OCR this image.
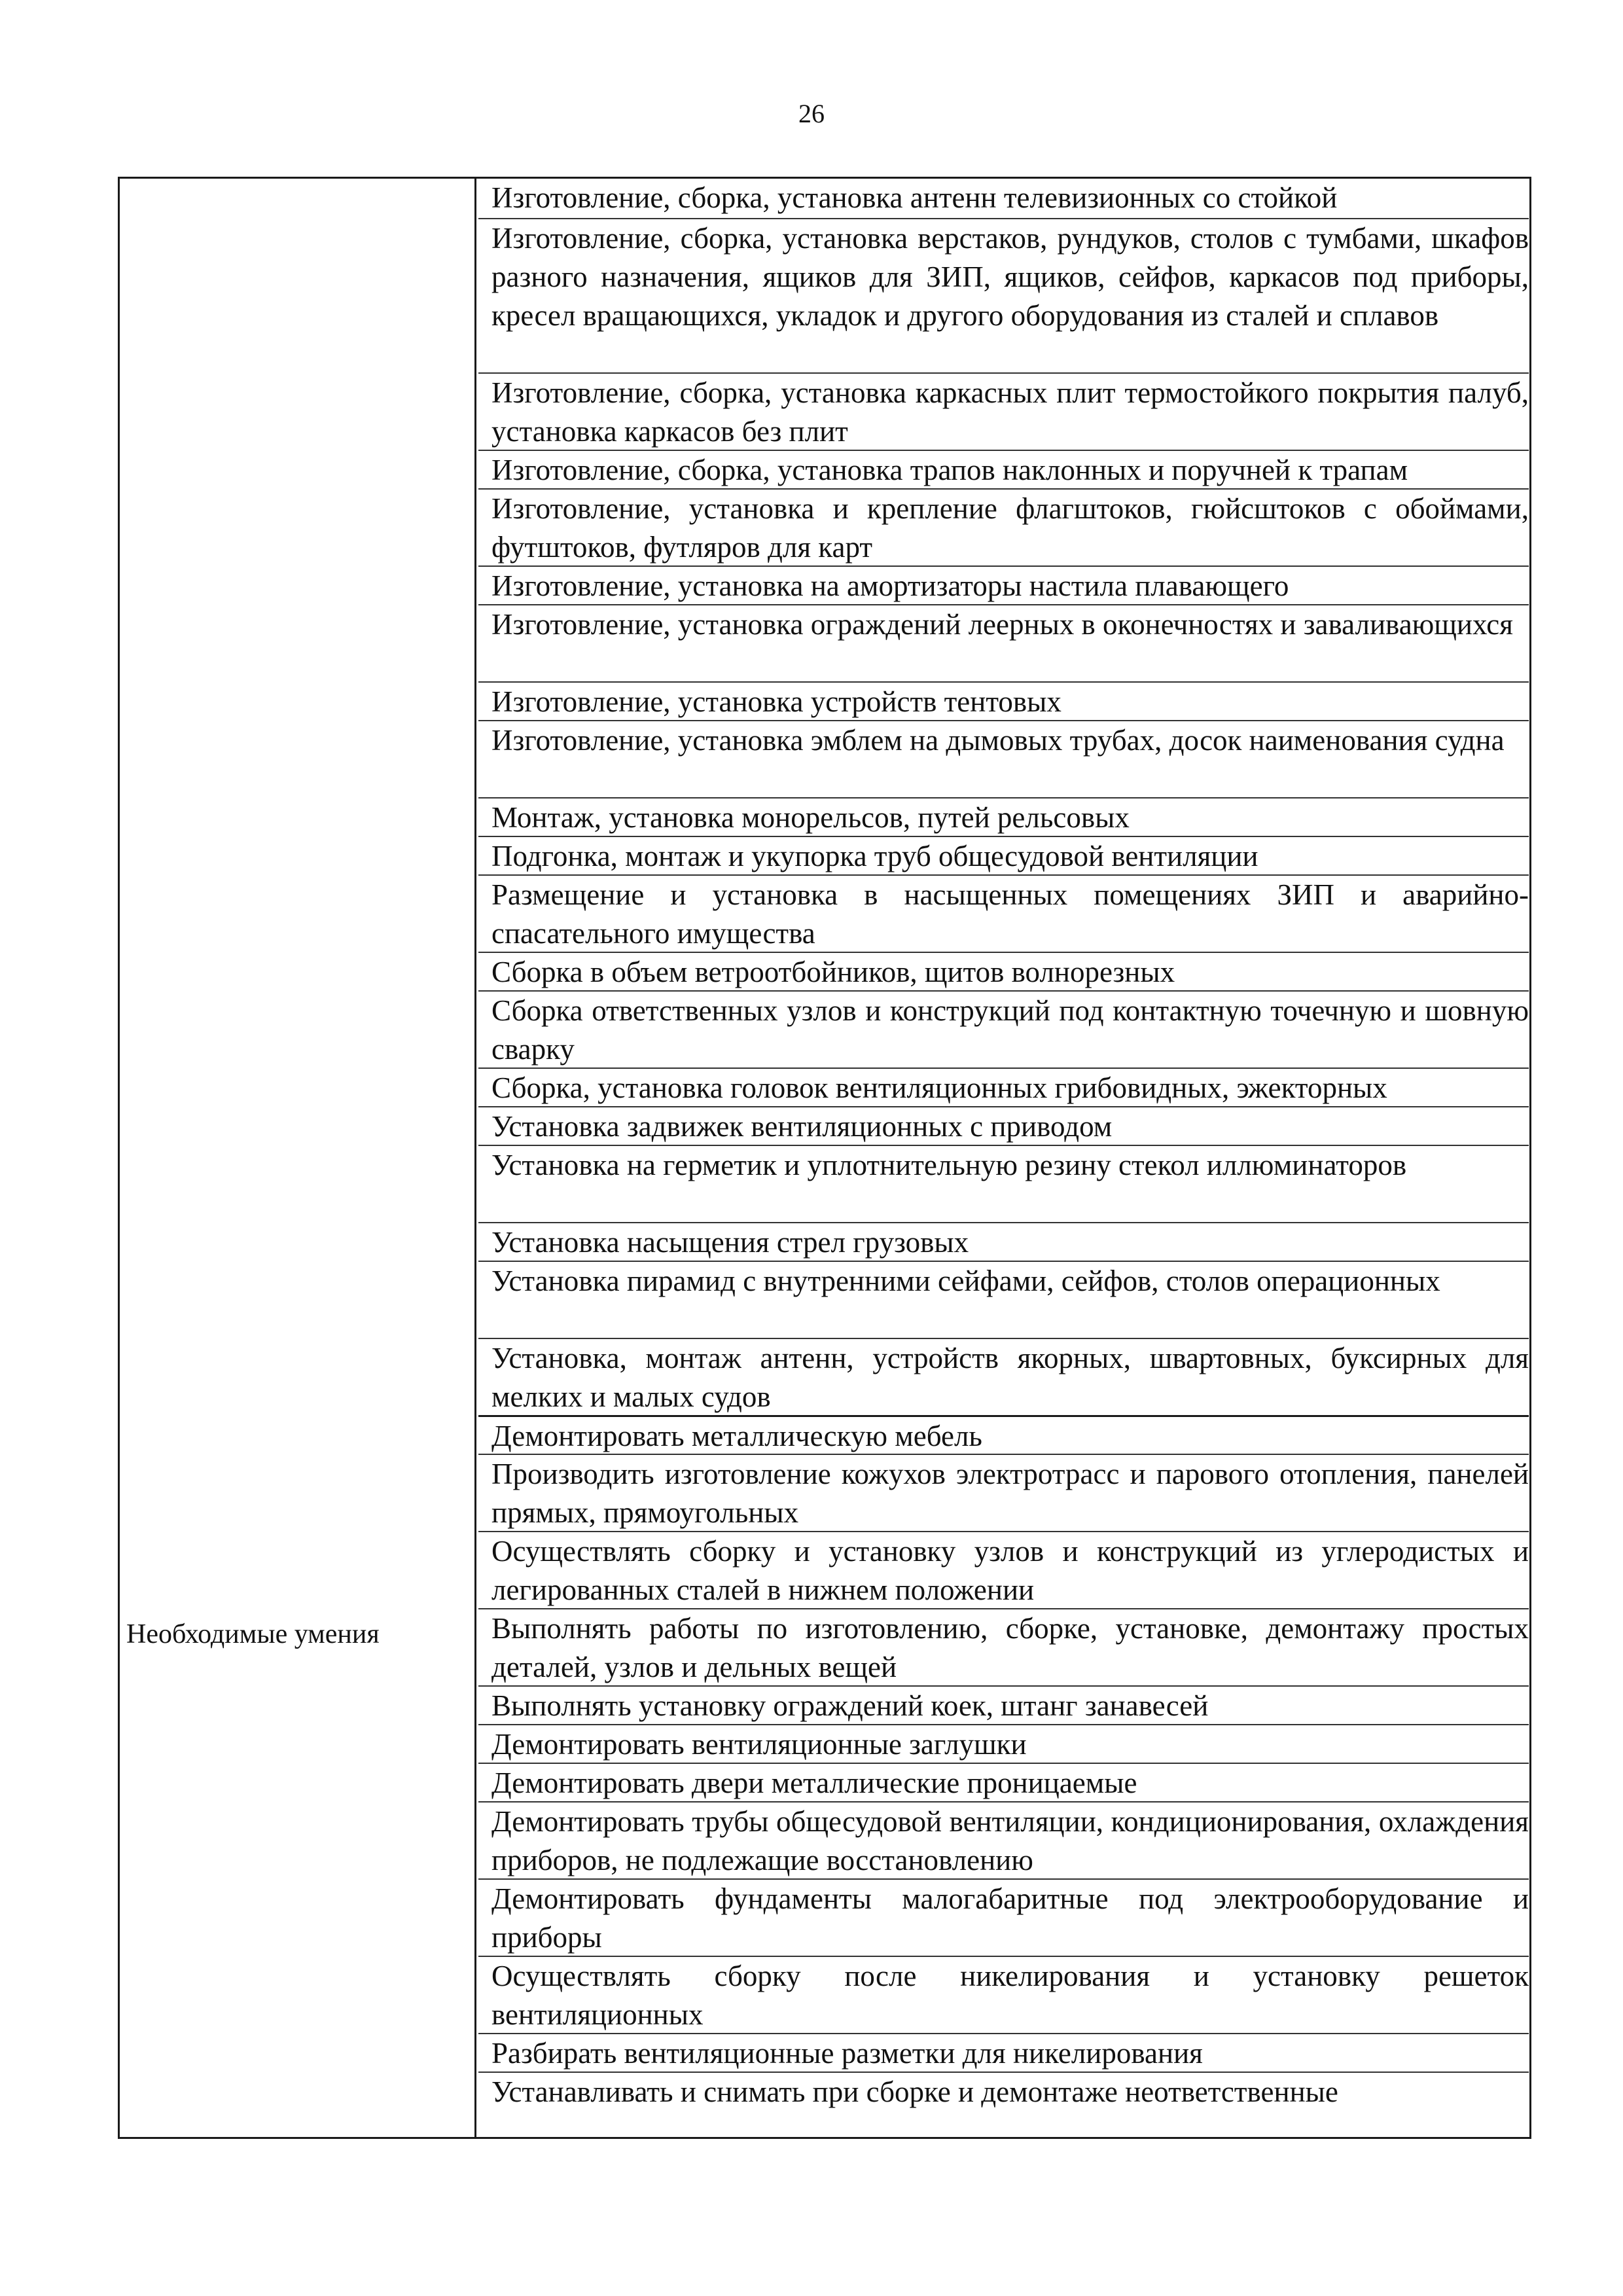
26
Необходимые умения
Изготовление, сборка, установка антенн телевизионных со стойкой
Изготовление, сборка, установка верстаков, рундуков, столов с тумбами, шкафов разного назначения, ящиков для ЗИП, ящиков, сейфов, каркасов под приборы, кресел вращающихся, укладок и другого оборудования из сталей и сплавов
Изготовление, сборка, установка каркасных плит термостойкого покрытия палуб, установка каркасов без плит
Изготовление, сборка, установка трапов наклонных и поручней к трапам
Изготовление, установка и крепление флагштоков, гюйсштоков с обоймами, футштоков, футляров для карт
Изготовление, установка на амортизаторы настила плавающего
Изготовление, установка ограждений леерных в оконечностях и заваливающихся
Изготовление, установка устройств тентовых
Изготовление, установка эмблем на дымовых трубах, досок наименования судна
Монтаж, установка монорельсов, путей рельсовых
Подгонка, монтаж и укупорка труб общесудовой вентиляции
Размещение и установка в насыщенных помещениях ЗИП и аварийно-спасательного имущества
Сборка в объем ветроотбойников, щитов волнорезных
Сборка ответственных узлов и конструкций под контактную точечную и шовную сварку
Сборка, установка головок вентиляционных грибовидных, эжекторных
Установка задвижек вентиляционных с приводом
Установка на герметик и уплотнительную резину стекол иллюминаторов
Установка насыщения стрел грузовых
Установка пирамид с внутренними сейфами, сейфов, столов операционных
Установка, монтаж антенн, устройств якорных, швартовных, буксирных для мелких и малых судов
Демонтировать металлическую мебель
Производить изготовление кожухов электротрасс и парового отопления, панелей прямых, прямоугольных
Осуществлять сборку и установку узлов и конструкций из углеродистых и легированных сталей в нижнем положении
Выполнять работы по изготовлению, сборке, установке, демонтажу простых деталей, узлов и дельных вещей
Выполнять установку ограждений коек, штанг занавесей
Демонтировать вентиляционные заглушки
Демонтировать двери металлические проницаемые
Демонтировать трубы общесудовой вентиляции, кондиционирования, охлаждения приборов, не подлежащие восстановлению
Демонтировать фундаменты малогабаритные под электрооборудование и приборы
Осуществлять сборку после никелирования и установку решеток вентиляционных
Разбирать вентиляционные разметки для никелирования
Устанавливать и снимать при сборке и демонтаже неответственные
